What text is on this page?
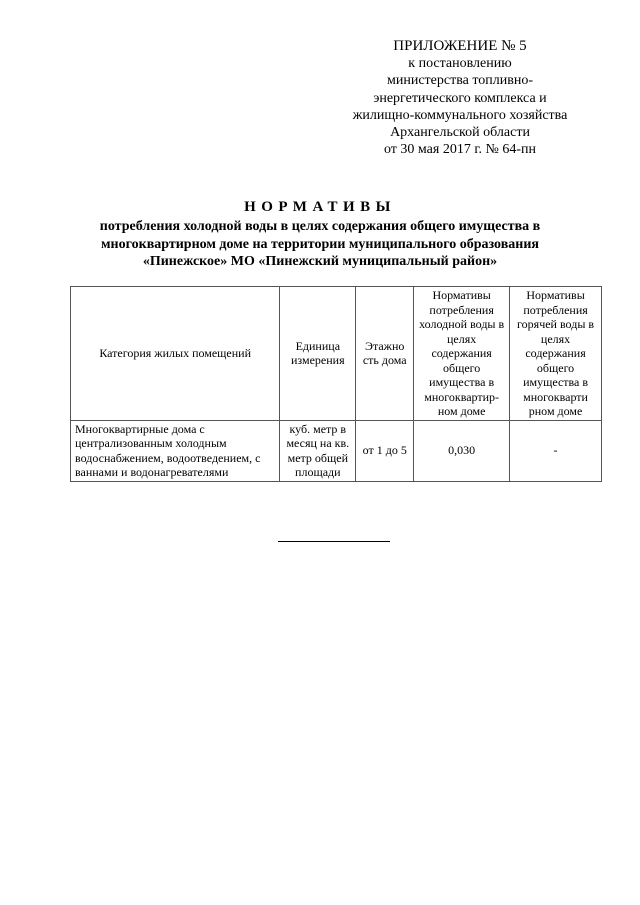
ПРИЛОЖЕНИЕ № 5
к постановлению
министерства топливно-
энергетического комплекса и
жилищно-коммунального хозяйства
Архангельской области
от 30 мая 2017 г. № 64-пн
НОРМАТИВЫ
потребления холодной воды в целях содержания общего имущества в
многоквартирном доме на территории муниципального образования
«Пинежское» МО «Пинежский муниципальный район»
Категория жилых помещений	Единица измерения	Этажно сть дома	Нормативы потребления холодной воды в целях содержания общего имущества в многоквартир-ном доме	Нормативы потребления горячей воды в целях содержания общего имущества в многокварти рном доме
Многоквартирные дома с централизованным холодным водоснабжением, водоотведением, с ваннами и водонагревателями	куб. метр в месяц на кв. метр общей площади	от 1 до 5	0,030	-
